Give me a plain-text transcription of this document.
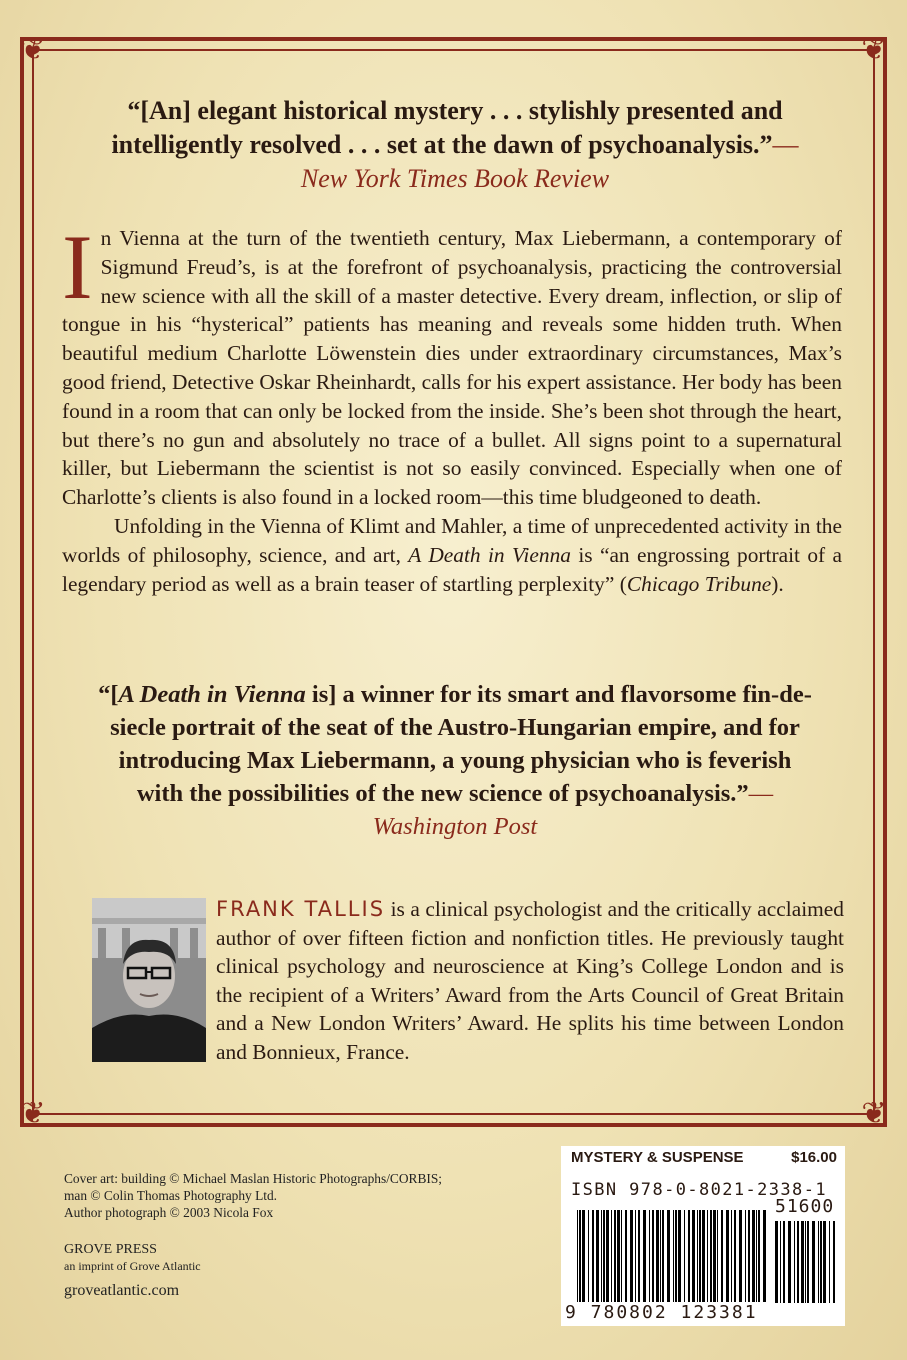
❦	❦
❦	❦
“[An] elegant historical mystery . . . stylishly presented and intelligently resolved . . . set at the dawn of psychoanalysis.”—New York Times Book Review

In Vienna at the turn of the twentieth century, Max Liebermann, a contemporary of Sigmund Freud’s, is at the forefront of psychoanalysis, practicing the controversial new science with all the skill of a master detective. Every dream, inflection, or slip of tongue in his “hysterical” patients has meaning and reveals some hidden truth. When beautiful medium Charlotte Löwenstein dies under extraordinary circumstances, Max’s good friend, Detective Oskar Rheinhardt, calls for his expert assistance. Her body has been found in a room that can only be locked from the inside. She’s been shot through the heart, but there’s no gun and absolutely no trace of a bullet. All signs point to a supernatural killer, but Liebermann the scientist is not so easily convinced. Especially when one of Charlotte’s clients is also found in a locked room—this time bludgeoned to death.

Unfolding in the Vienna of Klimt and Mahler, a time of unprecedented activity in the worlds of philosophy, science, and art, A Death in Vienna is “an engrossing portrait of a legendary period as well as a brain teaser of startling perplexity” (Chicago Tribune).

“[A Death in Vienna is] a winner for its smart and flavorsome fin-de-siecle portrait of the seat of the Austro-Hungarian empire, and for introducing Max Liebermann, a young physician who is feverish with the possibilities of the new science of psychoanalysis.”—Washington Post
FRANK TALLIS is a clinical psychologist and the critically acclaimed author of over fifteen fiction and nonfiction titles. He previously taught clinical psychology and neuroscience at King’s College London and is the recipient of a Writers’ Award from the Arts Council of Great Britain and a New London Writers’ Award. He splits his time between London and Bonnieux, France.
Cover art: building © Michael Maslan Historic Photographs/CORBIS;
man © Colin Thomas Photography Ltd.
Author photograph © 2003 Nicola Fox
GROVE PRESS
an imprint of Grove Atlantic
groveatlantic.com
MYSTERY & SUSPENSE	$16.00
ISBN 978-0-8021-2338-1
51600
9 780802 123381
